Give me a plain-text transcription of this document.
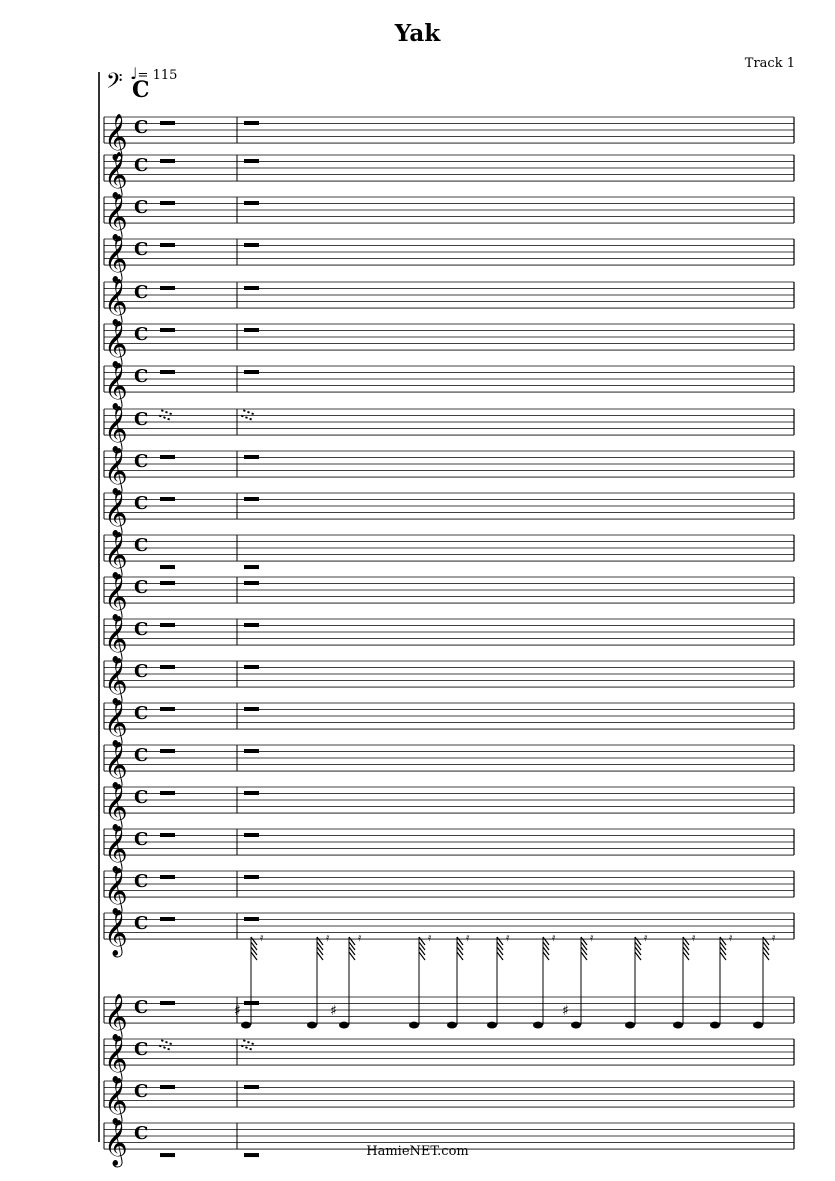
Yak
Track 1
♩= 115
𝄢 C
𝄞 C
𝄞 C
𝄞 C
𝄞 C
𝄞 C
𝄞 C
𝄞 C
𝄞 C ⁝⁝	⁝⁝
𝄞 C
𝄞 C
𝄞 C
𝄞 C
𝄞 C
𝄞 C
𝄞 C
𝄞 C
𝄞 C
𝄞 C
𝄞 C
𝄞 C
𝄞 C
𝄞 C ⁝⁝	⁝⁝
𝄞 C
𝄞 C
𝄿	𝄿	𝄿	𝄿	𝄿	𝄿	𝄿	𝄿	𝄿	𝄿	𝄿	𝄿
♯	♯	♯
HamieNET.com
